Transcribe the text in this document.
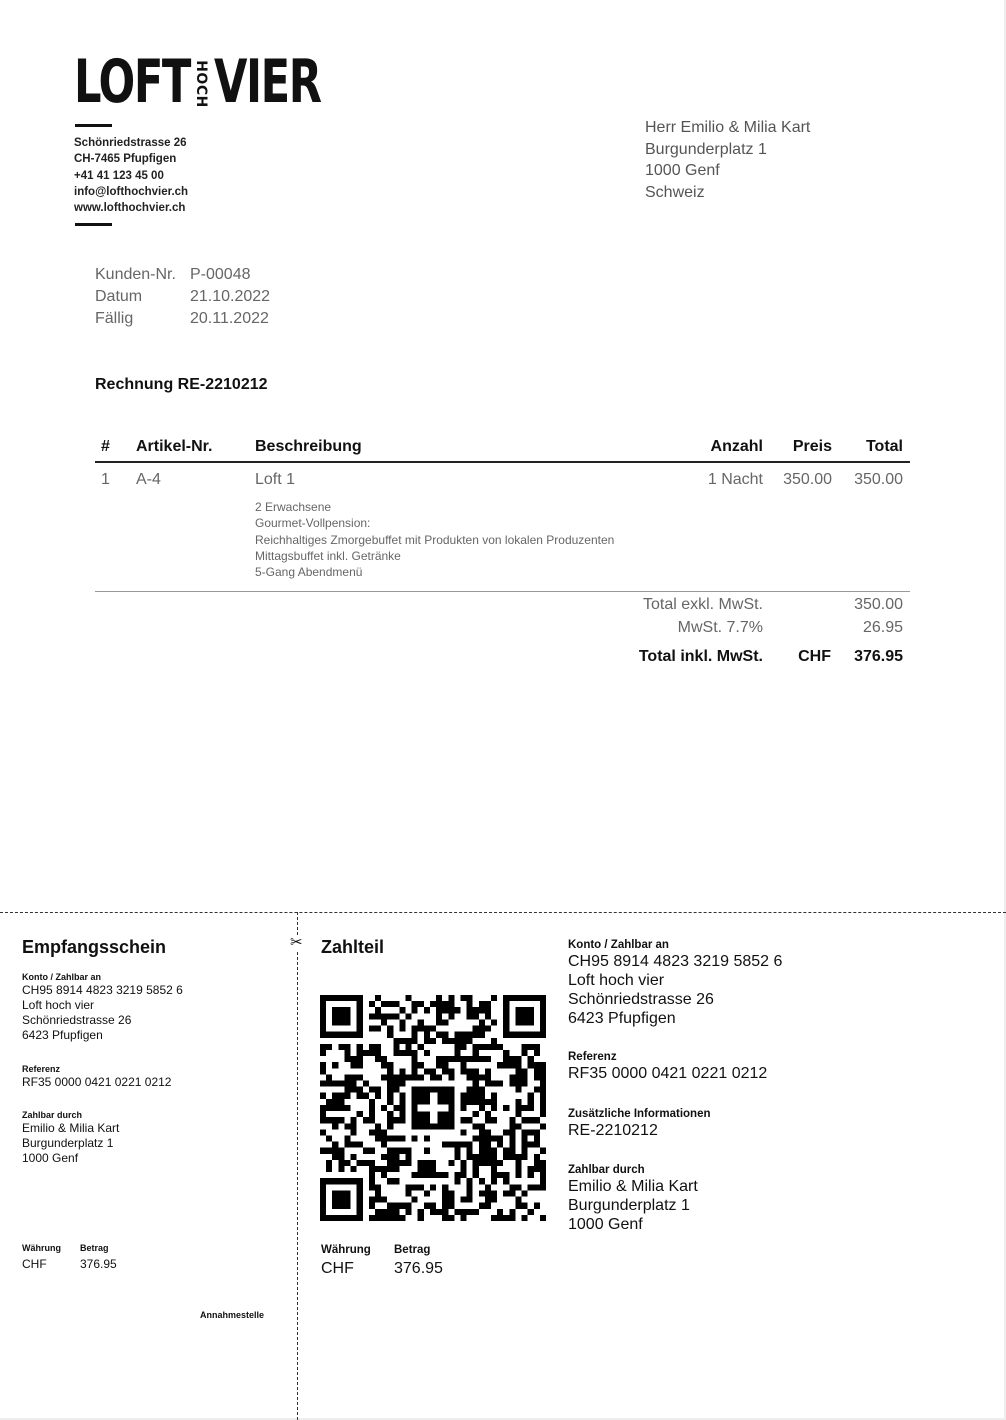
LOFT HOCH VIER
Schönriedstrasse 26
CH-7465 Pfupfigen
+41 41 123 45 00
info@lofthochvier.ch
www.lofthochvier.ch
Herr Emilio & Milia Kart
Burgunderplatz 1
1000 Genf
Schweiz
Kunden-Nr. P-00048
Datum	21.10.2022
Fällig	20.11.2022
Rechnung RE-2210212
# Artikel-Nr.	Beschreibung	Anzahl Preis Total
1 A-4	Loft 1	1 Nacht 350.00 350.00
2 Erwachsene
Gourmet-Vollpension:
Reichhaltiges Zmorgebuffet mit Produkten von lokalen Produzenten
Mittagsbuffet inkl. Getränke
5-Gang Abendmenü
Total exkl. MwSt.	350.00
MwSt. 7.7%	26.95
Total inkl. MwSt. CHF 376.95
✂
Empfangsschein
Konto / Zahlbar an
CH95 8914 4823 3219 5852 6
Loft hoch vier
Schönriedstrasse 26
6423 Pfupfigen
Referenz
RF35 0000 0421 0221 0212
Zahlbar durch
Emilio & Milia Kart
Burgunderplatz 1
1000 Genf
Währung
CHF
Betrag
376.95
Annahmestelle
Zahlteil
Währung
CHF
Betrag
376.95
Konto / Zahlbar an
CH95 8914 4823 3219 5852 6
Loft hoch vier
Schönriedstrasse 26
6423 Pfupfigen
Referenz
RF35 0000 0421 0221 0212
Zusätzliche Informationen
RE-2210212
Zahlbar durch
Emilio & Milia Kart
Burgunderplatz 1
1000 Genf
